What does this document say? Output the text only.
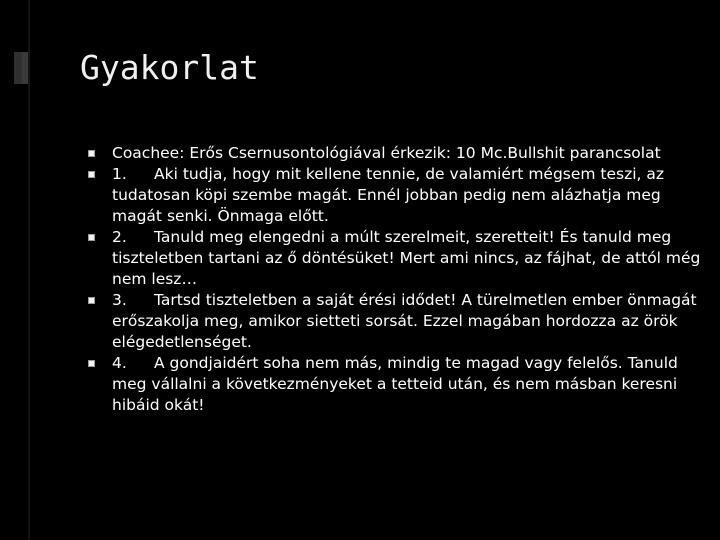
Gyakorlat
Coachee: Erős Csernusontológiával érkezik: 10 Mc.Bullshit parancsolat
1. Aki tudja, hogy mit kellene tennie, de valamiért mégsem teszi, az tudatosan köpi szembe magát. Ennél jobban pedig nem alázhatja meg magát senki. Önmaga előtt.
2. Tanuld meg elengedni a múlt szerelmeit, szeretteit! És tanuld meg tiszteletben tartani az ő döntésüket! Mert ami nincs, az fájhat, de attól még nem lesz…
3. Tartsd tiszteletben a saját érési idődet! A türelmetlen ember önmagát erőszakolja meg, amikor sietteti sorsát. Ezzel magában hordozza az örök elégedetlenséget.
4. A gondjaidért soha nem más, mindig te magad vagy felelős. Tanuld meg vállalni a következményeket a tetteid után, és nem másban keresni hibáid okát!
